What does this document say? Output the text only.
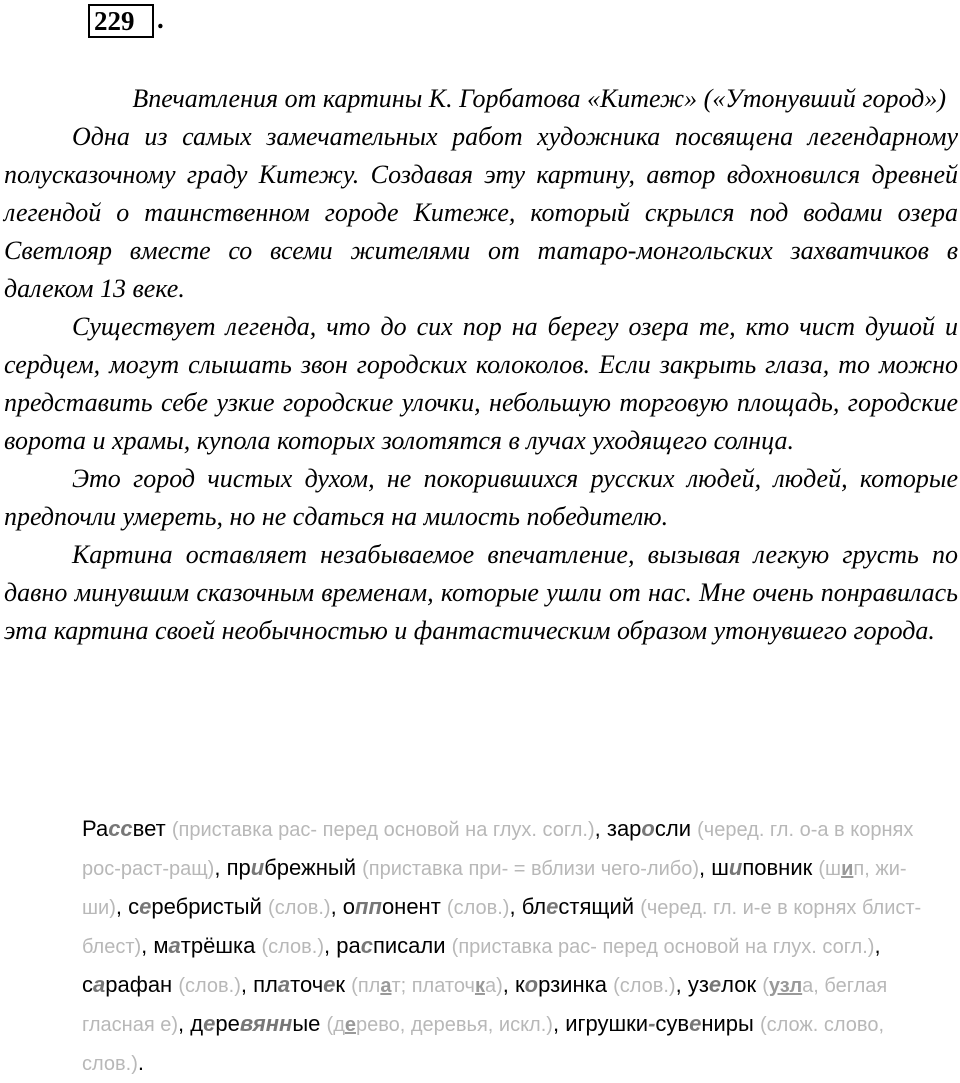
229 .
Впечатления от картины К. Горбатова «Китеж» («Утонувший город»)

Одна из самых замечательных работ художника посвящена легендарному полусказочному граду Китежу. Создавая эту картину, автор вдохновился древней легендой о таинственном городе Китеже, который скрылся под водами озера Светлояр вместе со всеми жителями от татаро-монгольских захватчиков в далеком 13 веке.

Существует легенда, что до сих пор на берегу озера те, кто чист душой и сердцем, могут слышать звон городских колоколов. Если закрыть глаза, то можно представить себе узкие городские улочки, небольшую торговую площадь, городские ворота и храмы, купола которых золотятся в лучах уходящего солнца.

Это город чистых духом, не покорившихся русских людей, людей, которые предпочли умереть, но не сдаться на милость победителю.

Картина оставляет незабываемое впечатление, вызывая легкую грусть по давно минувшим сказочным временам, которые ушли от нас. Мне очень понравилась эта картина своей необычностью и фантастическим образом утонувшего города.

Рассвет (приставка рас- перед основой на глух. согл.), заросли (черед. гл. о-а в корнях рос-раст-ращ), прибрежный (приставка при- = вблизи чего-либо), шиповник (шип, жи-ши), серебристый (слов.), оппонент (слов.), блестящий (черед. гл. и-е в корнях блист-блест), матрёшка (слов.), расписали (приставка рас- перед основой на глух. согл.), сарафан (слов.), платочек (плат; платочка), корзинка (слов.), узелок (узла, беглая гласная е), деревянные (дерево, деревья, искл.), игрушки-сувениры (слож. слово, слов.).
